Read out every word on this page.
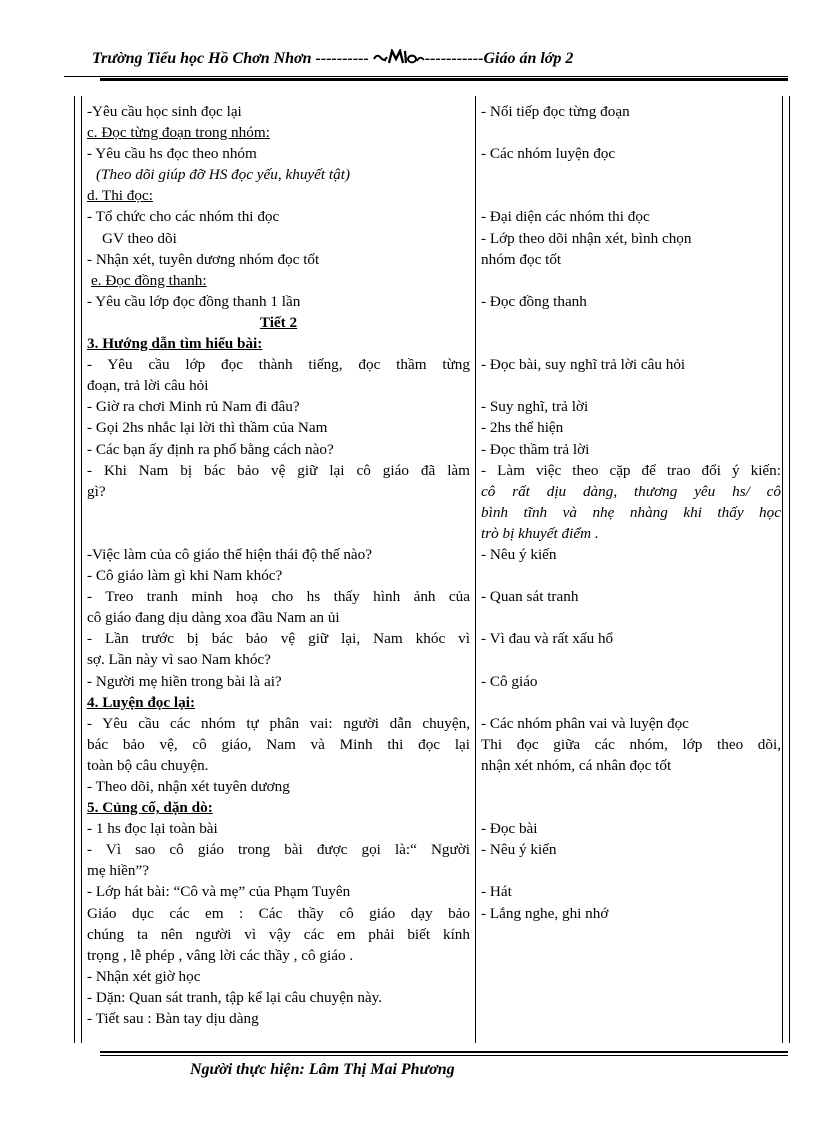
Trường Tiểu học Hồ Chơn Nhơn ----------	-----------Giáo án lớp 2
-Yêu cầu học sinh đọc lại
c. Đọc từng đoạn trong nhóm:
- Yêu cầu hs đọc theo nhóm
(Theo dõi giúp đỡ HS đọc yếu, khuyết tật)
d. Thi đọc:
- Tổ chức cho các nhóm thi đọc
GV theo dõi
- Nhận xét, tuyên dương nhóm đọc tốt
e. Đọc đồng thanh:
- Yêu cầu lớp đọc đồng thanh 1 lần
Tiết 2
3. Hướng dẫn tìm hiểu bài:
- Yêu cầu lớp đọc thành tiếng, đọc thầm từng
đoạn, trả lời câu hỏi
- Giờ ra chơi Minh rủ Nam đi đâu?
- Gọi 2hs nhắc lại lời thì thầm của Nam
- Các bạn ấy định ra phố bằng cách nào?
- Khi Nam bị bác bảo vệ giữ lại cô giáo đã làm
gì?
-Việc làm của cô giáo thể hiện thái độ thế nào?
- Cô giáo làm gì khi Nam khóc?
- Treo tranh minh hoạ cho hs thấy hình ảnh của
cô giáo đang dịu dàng xoa đầu Nam an ủi
- Lần trước bị bác bảo vệ giữ lại, Nam khóc vì
sợ. Lần này vì sao Nam khóc?
- Người mẹ hiền trong bài là ai?
4. Luyện đọc lại:
- Yêu cầu các nhóm tự phân vai: người dẫn chuyện,
bác bảo vệ, cô giáo, Nam và Minh thi đọc lại
toàn bộ câu chuyện.
- Theo dõi, nhận xét tuyên dương
5. Củng cố, dặn dò:
- 1 hs đọc lại toàn bài
- Vì sao cô giáo trong bài được gọi là:“ Người
mẹ hiền”?
- Lớp hát bài: “Cô và mẹ” của Phạm Tuyên
Giáo dục các em : Các thầy cô giáo dạy bảo
chúng ta nên người vì vậy các em phải biết kính
trọng , lễ phép , vâng lời các thầy , cô giáo .
- Nhận xét giờ học
- Dặn: Quan sát tranh, tập kể lại câu chuyện này.
- Tiết sau : Bàn tay dịu dàng
- Nối tiếp đọc từng đoạn
- Các nhóm luyện đọc
- Đại diện các nhóm thi đọc
- Lớp theo dõi nhận xét, bình chọn
nhóm đọc tốt
- Đọc đồng thanh
- Đọc bài, suy nghĩ trả lời câu hỏi
- Suy nghĩ, trả lời
- 2hs thể hiện
- Đọc thầm trả lời
- Làm việc theo cặp để trao đổi ý kiến:
cô rất dịu dàng, thương yêu hs/ cô
bình tĩnh và nhẹ nhàng khi thấy học
trò bị khuyết điểm .
- Nêu ý kiến
- Quan sát tranh
- Vì đau và rất xấu hổ
- Cô giáo
- Các nhóm phân vai và luyện đọc
Thi đọc giữa các nhóm, lớp theo dõi,
nhận xét nhóm, cá nhân đọc tốt
- Đọc bài
- Nêu ý kiến
- Hát
- Lắng nghe, ghi nhớ
Người thực hiện: Lâm Thị Mai Phương
